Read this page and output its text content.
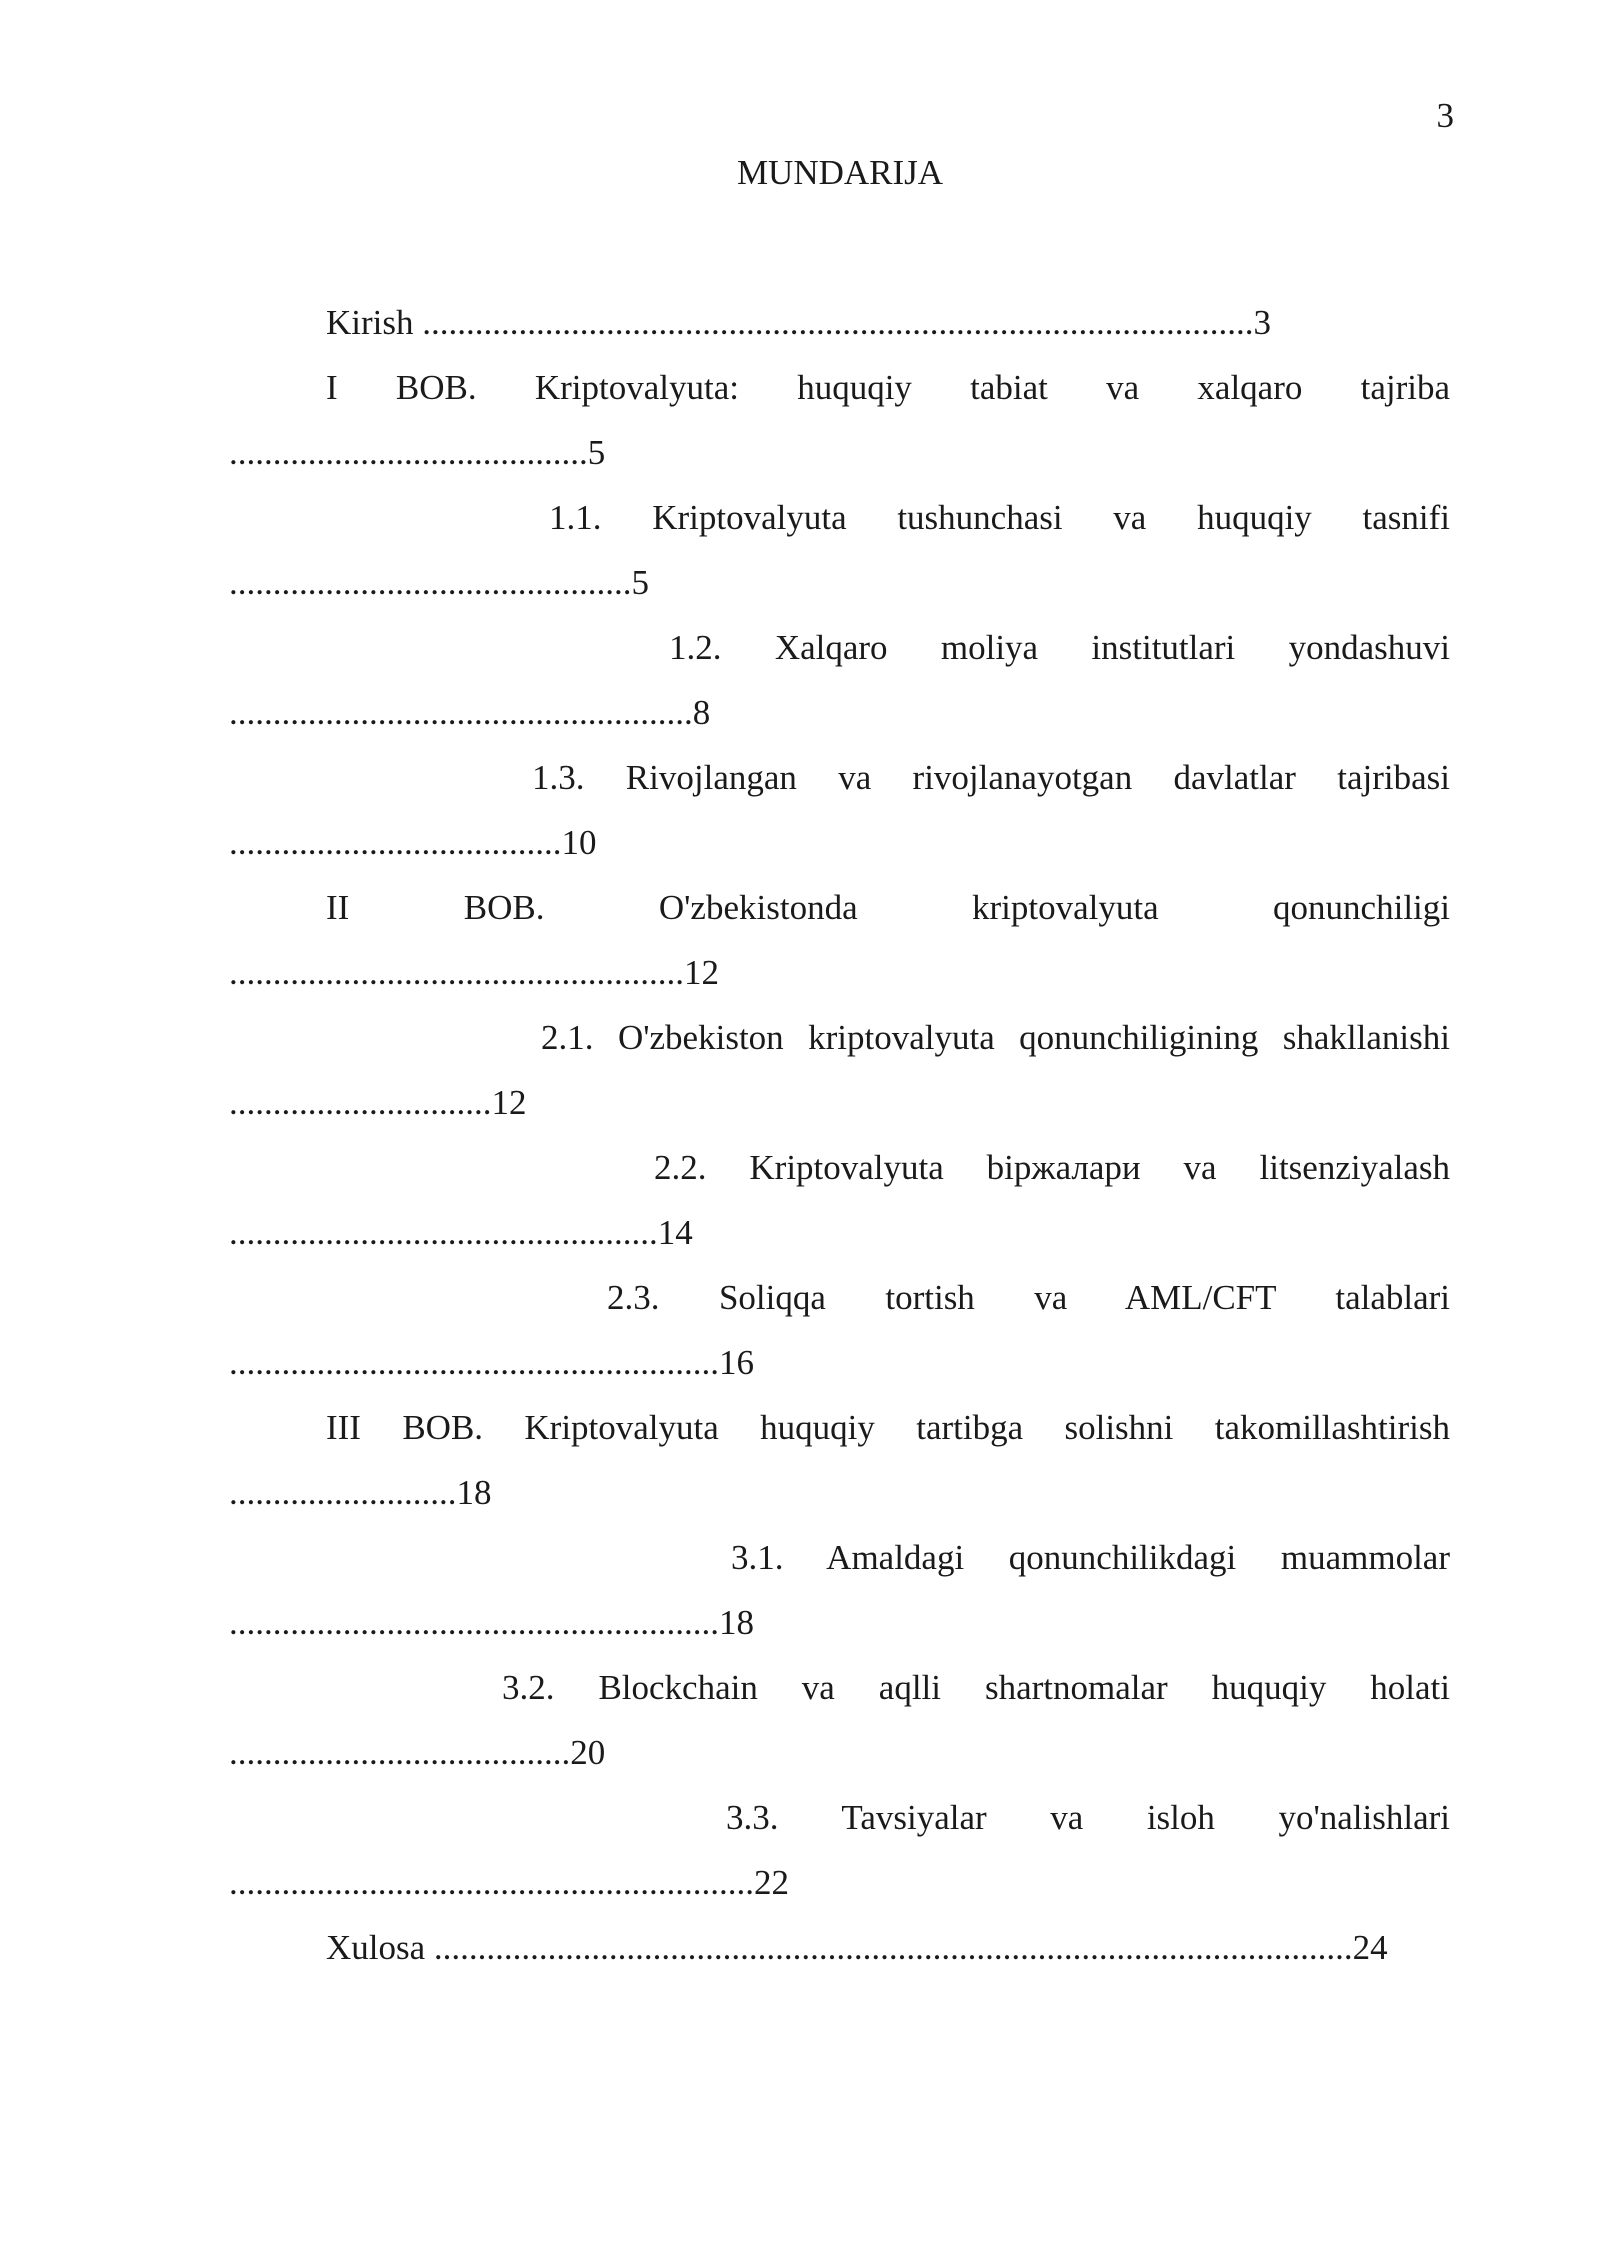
3
MUNDARIJA
Kirish ...............................................................................................3
I BOB. Kriptovalyuta: huquqiy tabiat va xalqaro tajriba .........................................5
1.1. Kriptovalyuta tushunchasi va huquqiy tasnifi ..............................................5
1.2. Xalqaro moliya institutlari yondashuvi .....................................................8
1.3. Rivojlangan va rivojlanayotgan davlatlar tajribasi ......................................10
II BOB. O'zbekistonda kriptovalyuta qonunchiligi ....................................................12
2.1. O'zbekiston kriptovalyuta qonunchiligining shakllanishi ..............................12
2.2. Kriptovalyuta biржалари va litsenziyalash .................................................14
2.3. Soliqqa tortish va AML/CFT talablari ........................................................16
III BOB. Kriptovalyuta huquqiy tartibga solishni takomillashtirish ..........................18
3.1. Amaldagi qonunchilikdagi muammolar ........................................................18
3.2. Blockchain va aqlli shartnomalar huquqiy holati .......................................20
3.3. Tavsiyalar va isloh yo'nalishlari ............................................................22
Xulosa .........................................................................................................24
